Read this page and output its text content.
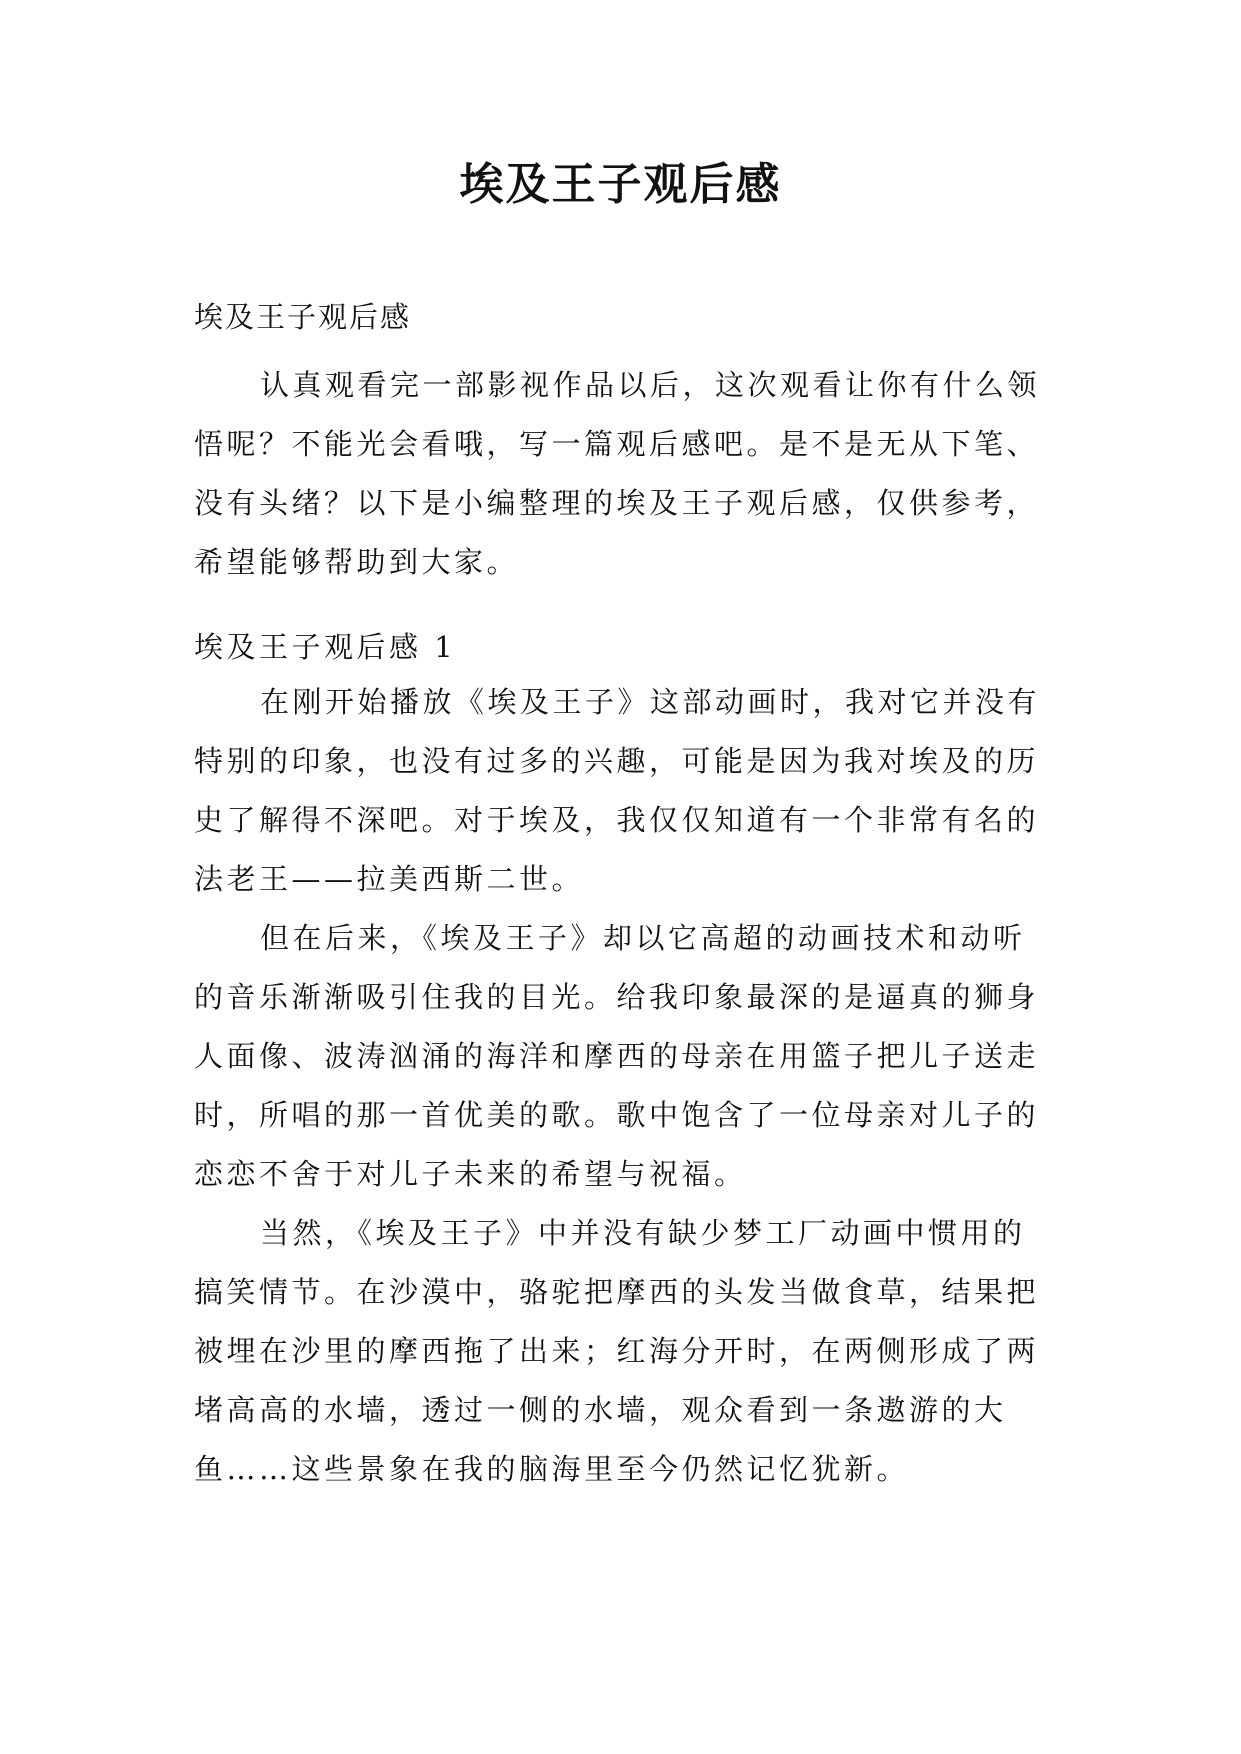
埃及王子观后感
埃及王子观后感
认真观看完一部影视作品以后，这次观看让你有什么领
悟呢？不能光会看哦，写一篇观后感吧。是不是无从下笔、
没有头绪？以下是小编整理的埃及王子观后感，仅供参考，
希望能够帮助到大家。
埃及王子观后感 1
在刚开始播放《埃及王子》这部动画时，我对它并没有
特别的印象，也没有过多的兴趣，可能是因为我对埃及的历
史了解得不深吧。对于埃及，我仅仅知道有一个非常有名的
法老王——拉美西斯二世。
但在后来，《埃及王子》却以它高超的动画技术和动听
的音乐渐渐吸引住我的目光。给我印象最深的是逼真的狮身
人面像、波涛汹涌的海洋和摩西的母亲在用篮子把儿子送走
时，所唱的那一首优美的歌。歌中饱含了一位母亲对儿子的
恋恋不舍于对儿子未来的希望与祝福。
当然，《埃及王子》中并没有缺少梦工厂动画中惯用的
搞笑情节。在沙漠中，骆驼把摩西的头发当做食草，结果把
被埋在沙里的摩西拖了出来；红海分开时，在两侧形成了两
堵高高的水墙，透过一侧的水墙，观众看到一条遨游的大
鱼……这些景象在我的脑海里至今仍然记忆犹新。
